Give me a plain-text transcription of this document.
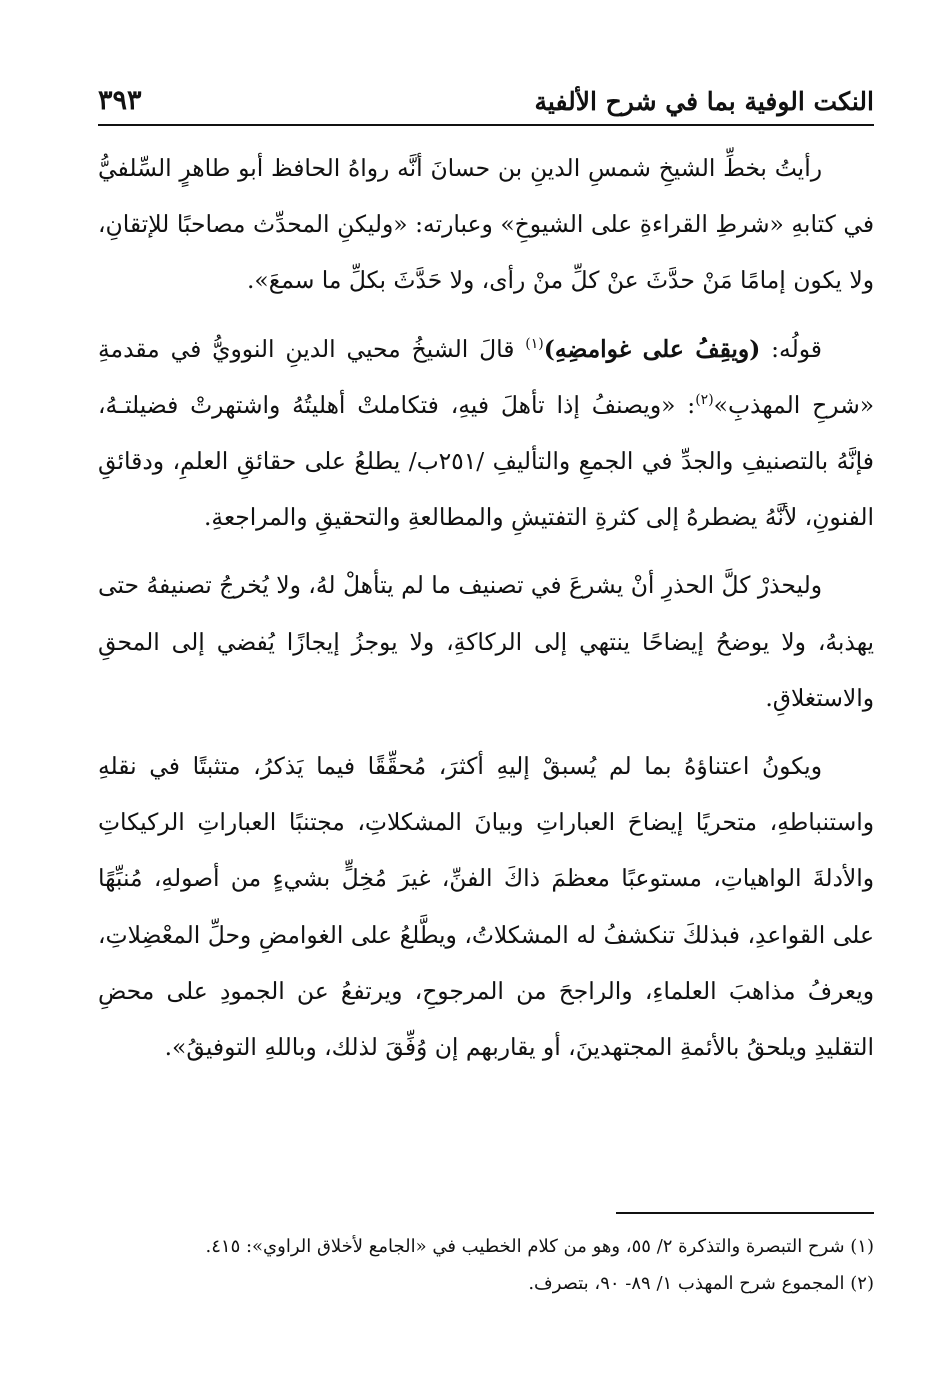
النكت الوفية بما في شرح الألفية
٣٩٣

رأيتُ بخطِّ الشيخِ شمسِ الدينِ بن حسانَ أنَّه رواهُ الحافظ أبو طاهرٍ السِّلفيُّ في كتابهِ «شرطِ القراءةِ على الشيوخِ» وعبارته: «وليكنِ المحدِّث مصاحبًا للإتقانِ، ولا يكون إمامًا مَنْ حدَّثَ عنْ كلِّ منْ رأى، ولا حَدَّثَ بكلِّ ما سمعَ».

قولُه: (ويقِفُ على غوامضِهِ)$^{(١)}$ قالَ الشيخُ محيي الدينِ النوويُّ في مقدمةِ «شرحِ المهذبِ»$^{(٢)}$: «ويصنفُ إذا تأهلَ فيهِ، فتكاملتْ أهليتُهُ واشتهرتْ فضيلتـهُ، فإنَّهُ بالتصنيفِ والجدِّ في الجمعِ والتأليفِ /٢٥١ب/ يطلعُ على حقائقِ العلمِ، ودقائقِ الفنونِ، لأنَّهُ يضطرهُ إلى كثرةِ التفتيشِ والمطالعةِ والتحقيقِ والمراجعةِ.

وليحذرْ كلَّ الحذرِ أنْ يشرعَ في تصنيف ما لم يتأهلْ لهُ، ولا يُخرجُ تصنيفهُ حتى يهذبهُ، ولا يوضحُ إيضاحًا ينتهي إلى الركاكةِ، ولا يوجزُ إيجازًا يُفضي إلى المحقِ والاستغلاقِ.

ويكونُ اعتناؤهُ بما لم يُسبقْ إليهِ أكثرَ، مُحقِّقًا فيما يَذكرُ، متثبتًا في نقلهِ واستنباطهِ، متحريًا إيضاحَ العباراتِ وبيانَ المشكلاتِ، مجتنبًا العباراتِ الركيكاتِ والأدلةَ الواهياتِ، مستوعبًا معظمَ ذاكَ الفنِّ، غيرَ مُخِلٍّ بشيءٍ من أصولهِ، مُنبِّهًا على القواعدِ، فبذلكَ تنكشفُ له المشكلاتُ، ويطَّلعُ على الغوامضِ وحلِّ المعْضِلاتِ، ويعرفُ مذاهبَ العلماءِ، والراجحَ من المرجوحِ، ويرتفعُ عن الجمودِ على محضِ التقليدِ ويلحقُ بالأئمةِ المجتهدينَ، أو يقاربهم إن وُفِّقَ لذلك، وباللهِ التوفيقُ».

(١) شرح التبصرة والتذكرة ٢/ ٥٥، وهو من كلام الخطيب في «الجامع لأخلاق الراوي»: ٤١٥.
(٢) المجموع شرح المهذب ١/ ٨٩- ٩٠، بتصرف.
